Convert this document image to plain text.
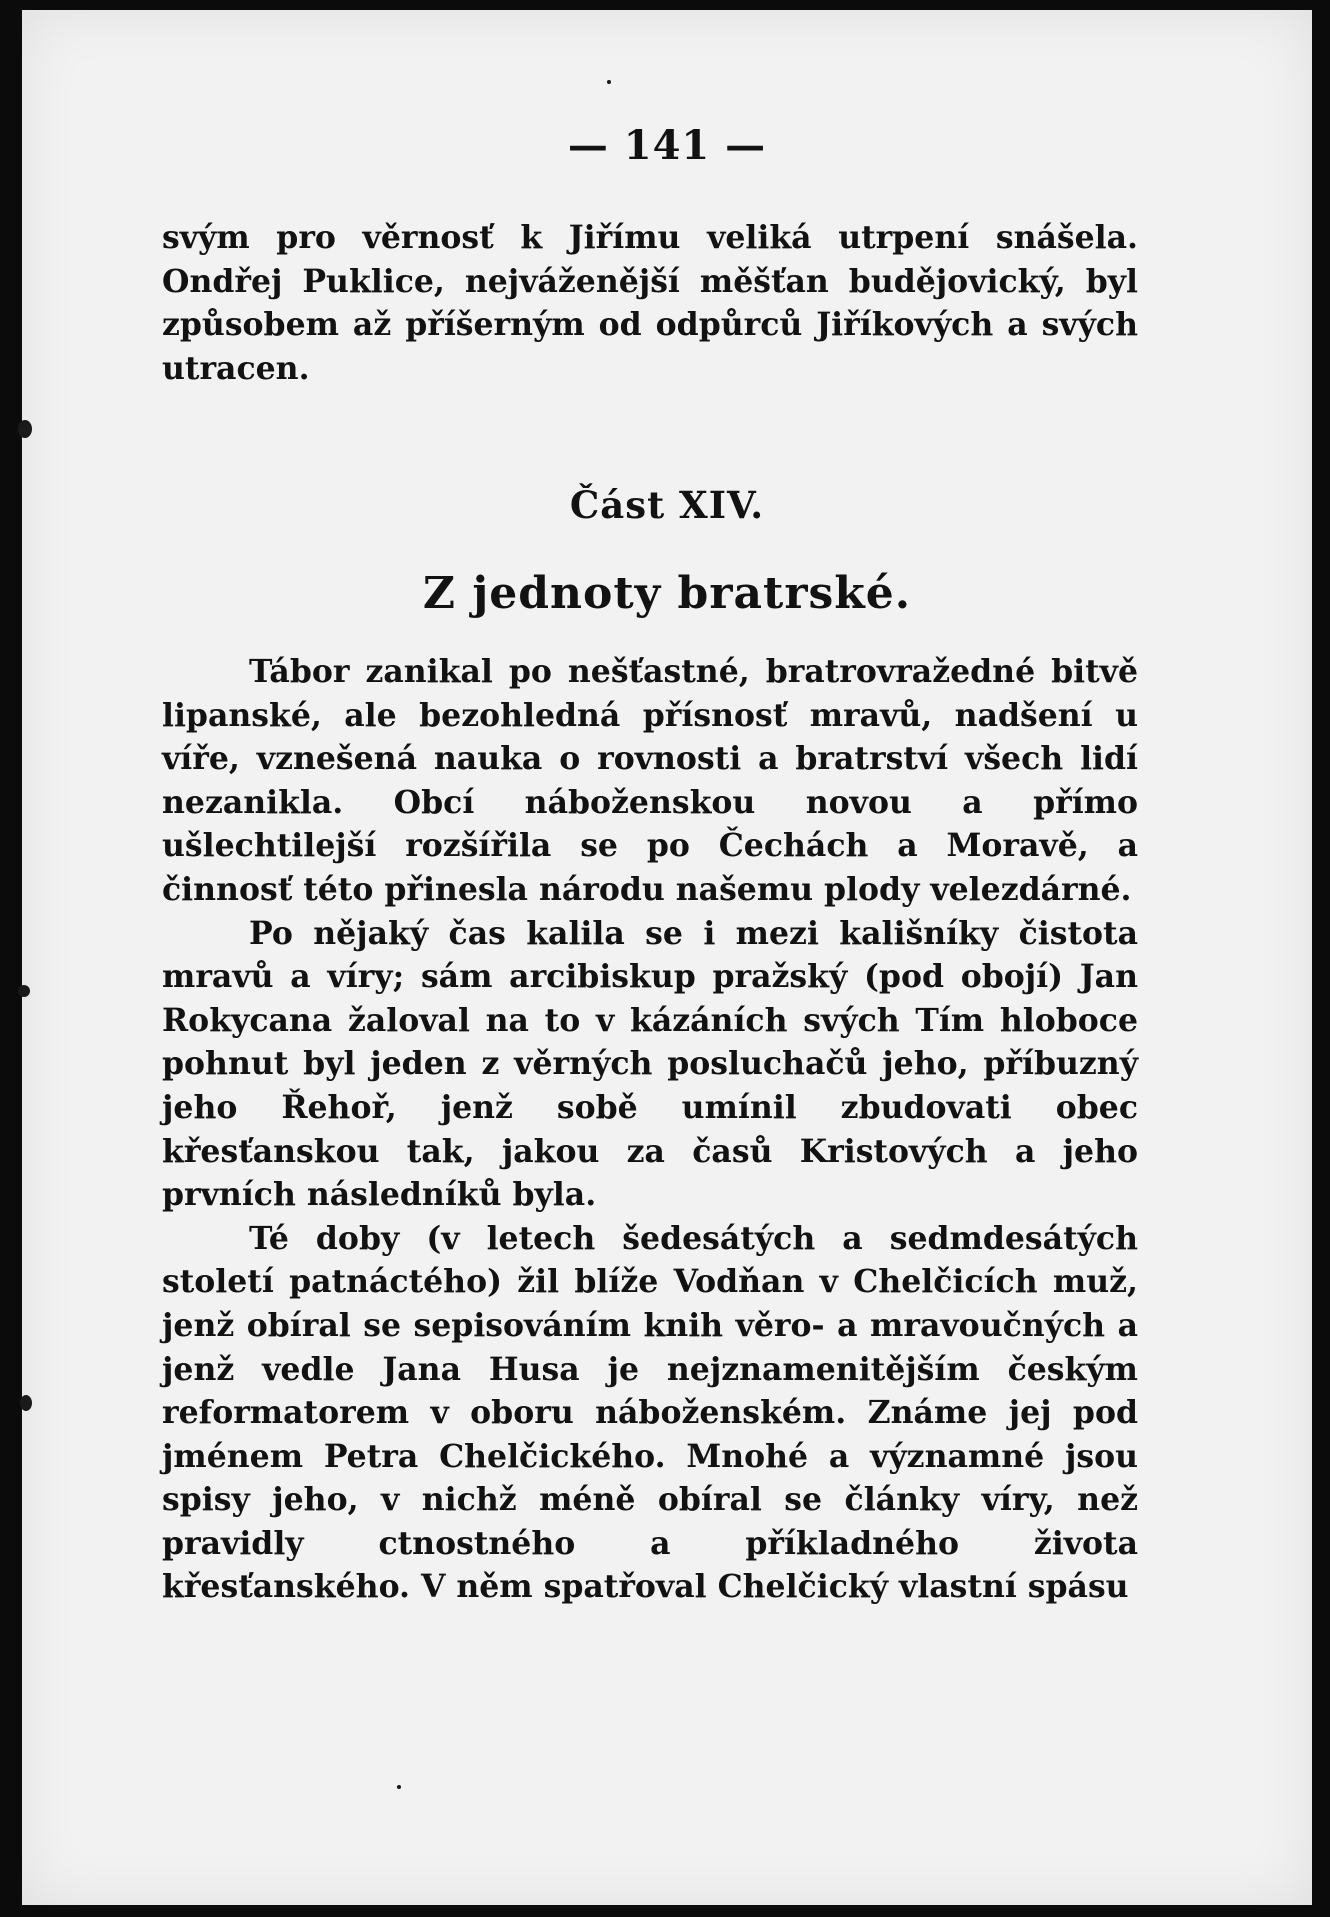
— 141 —

svým pro věrnosť k Jiřímu veliká utrpení snášela. Ondřej Puklice, nejváženější měšťan budějovický, byl způsobem až příšerným od odpůrců Jiříkových a svých utracen.

Část XIV.
Z jednoty bratrské.

Tábor zanikal po nešťastné, bratrovražedné bitvě lipanské, ale bezohledná přísnosť mravů, nadšení u víře, vznešená nauka o rovnosti a bratrství všech lidí nezanikla. Obcí náboženskou novou a přímo ušlechtilejší rozšířila se po Čechách a Moravě, a činnosť této přinesla národu našemu plody velezdárné.

Po nějaký čas kalila se i mezi kališníky čistota mravů a víry; sám arcibiskup pražský (pod obojí) Jan Rokycana žaloval na to v kázáních svých Tím hloboce pohnut byl jeden z věrných posluchačů jeho, příbuzný jeho Řehoř, jenž sobě umínil zbudovati obec křesťanskou tak, jakou za časů Kristových a jeho prvních následníků byla.

Té doby (v letech šedesátých a sedmdesátých století patnáctého) žil blíže Vodňan v Chelčicích muž, jenž obíral se sepisováním knih věro- a mravoučných a jenž vedle Jana Husa je nejznamenitějším českým reformatorem v oboru náboženském. Známe jej pod jménem Petra Chelčického. Mnohé a významné jsou spisy jeho, v nichž méně obíral se články víry, než pravidly ctnostného a příkladného života křesťanského. V něm spatřoval Chelčický vlastní spásu
